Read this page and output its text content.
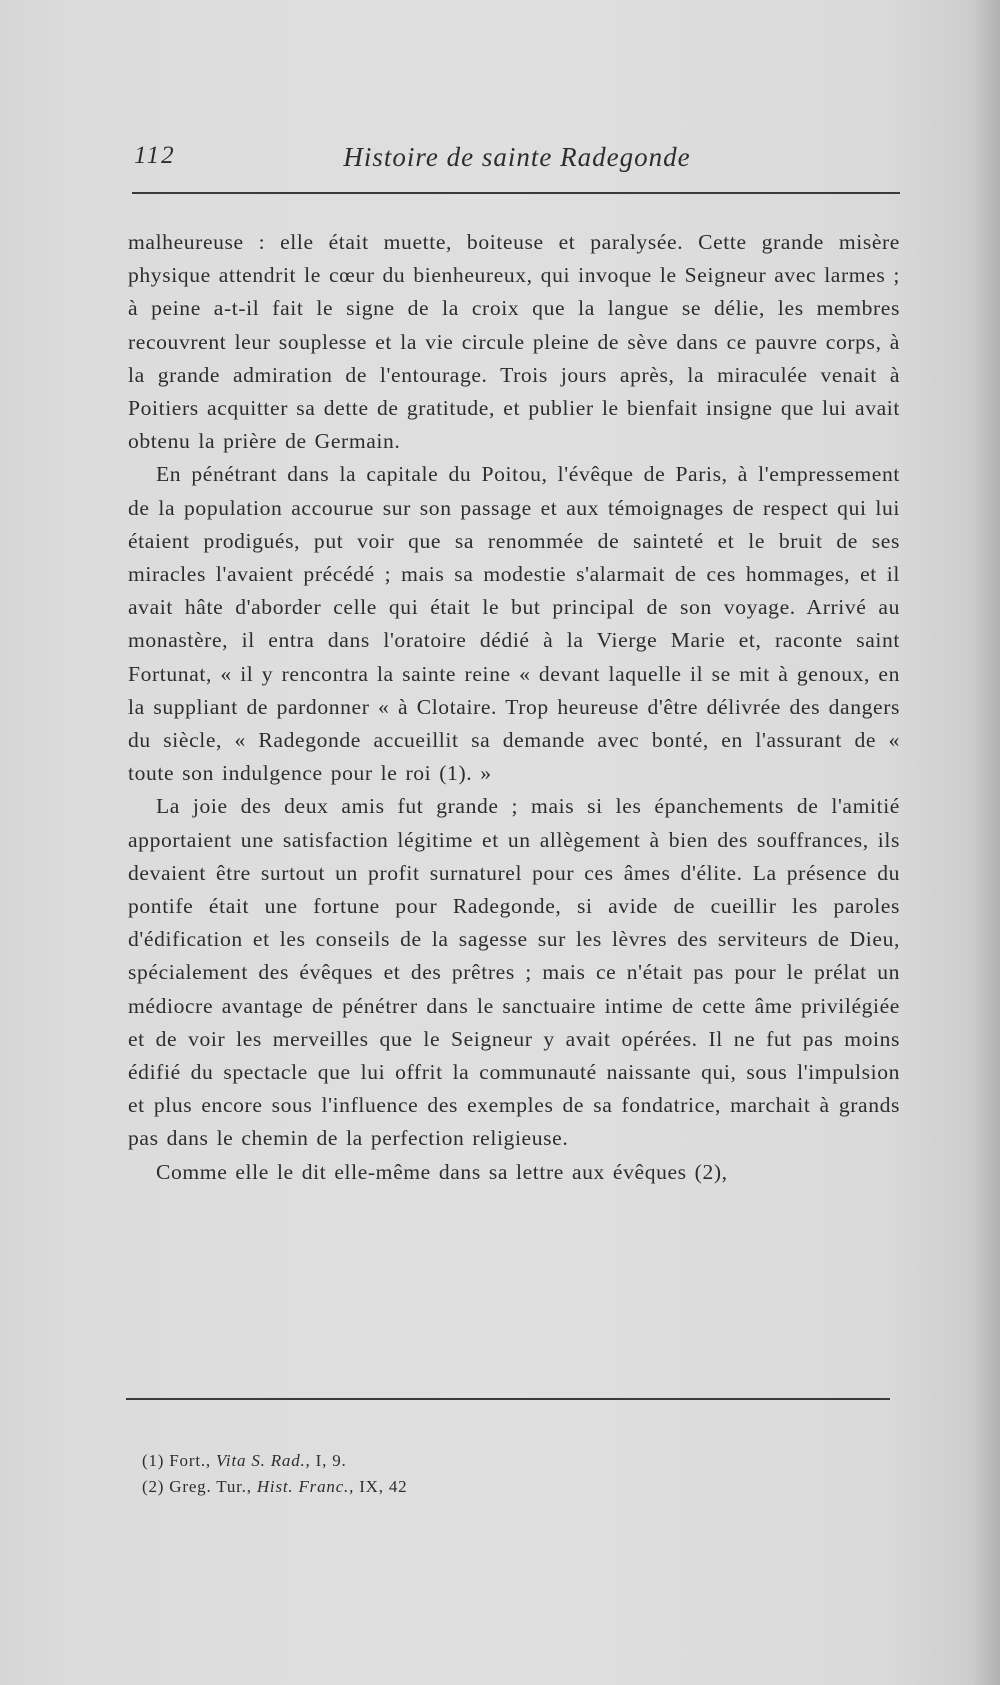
112	Histoire de sainte Radegonde

malheureuse : elle était muette, boiteuse et paralysée. Cette grande misère physique attendrit le cœur du bienheureux, qui invoque le Seigneur avec larmes ; à peine a-t-il fait le signe de la croix que la langue se délie, les membres recouvrent leur souplesse et la vie circule pleine de sève dans ce pauvre corps, à la grande admiration de l'entourage. Trois jours après, la miraculée venait à Poitiers acquitter sa dette de gratitude, et publier le bienfait insigne que lui avait obtenu la prière de Germain.

En pénétrant dans la capitale du Poitou, l'évêque de Paris, à l'empressement de la population accourue sur son passage et aux témoignages de respect qui lui étaient prodigués, put voir que sa renommée de sainteté et le bruit de ses miracles l'avaient précédé ; mais sa modestie s'alarmait de ces hommages, et il avait hâte d'aborder celle qui était le but principal de son voyage. Arrivé au monastère, il entra dans l'oratoire dédié à la Vierge Marie et, raconte saint Fortunat, « il y rencontra la sainte reine « devant laquelle il se mit à genoux, en la suppliant de pardonner « à Clotaire. Trop heureuse d'être délivrée des dangers du siècle, « Radegonde accueillit sa demande avec bonté, en l'assurant de « toute son indulgence pour le roi (1). »

La joie des deux amis fut grande ; mais si les épanchements de l'amitié apportaient une satisfaction légitime et un allègement à bien des souffrances, ils devaient être surtout un profit surnaturel pour ces âmes d'élite. La présence du pontife était une fortune pour Radegonde, si avide de cueillir les paroles d'édification et les conseils de la sagesse sur les lèvres des serviteurs de Dieu, spécialement des évêques et des prêtres ; mais ce n'était pas pour le prélat un médiocre avantage de pénétrer dans le sanctuaire intime de cette âme privilégiée et de voir les merveilles que le Seigneur y avait opérées. Il ne fut pas moins édifié du spectacle que lui offrit la communauté naissante qui, sous l'impulsion et plus encore sous l'influence des exemples de sa fondatrice, marchait à grands pas dans le chemin de la perfection religieuse.

Comme elle le dit elle-même dans sa lettre aux évêques (2),

(1) Fort., Vita S. Rad., I, 9.
(2) Greg. Tur., Hist. Franc., IX, 42
